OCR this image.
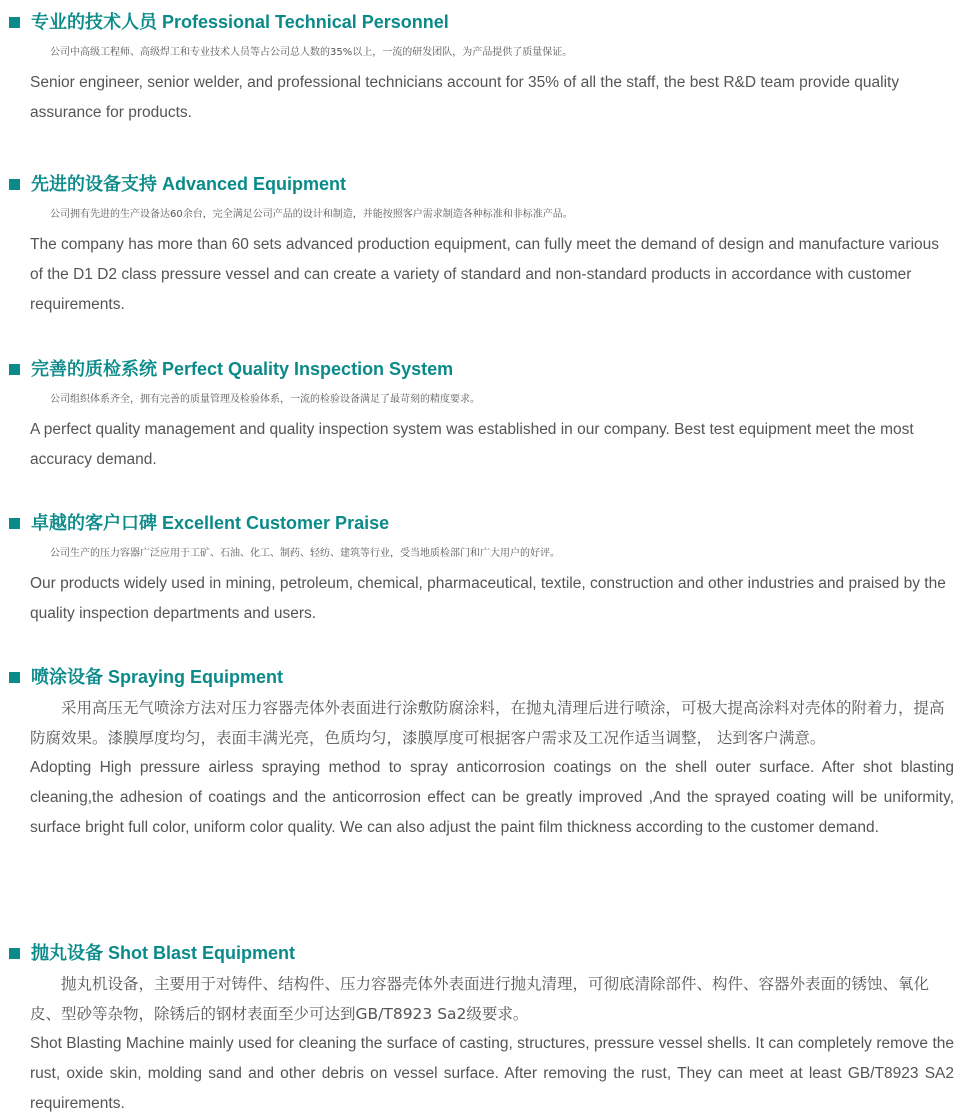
专业的技术人员 Professional Technical Personnel

公司中高级工程师、高级焊工和专业技术人员等占公司总人数的35%以上，一流的研发团队，为产品提供了质量保证。

Senior engineer, senior welder, and professional technicians account for 35% of all the staff, the best R&D team provide quality assurance for products.

先进的设备支持 Advanced Equipment

公司拥有先进的生产设备达60余台，完全满足公司产品的设计和制造，并能按照客户需求制造各种标准和非标准产品。

The company has more than 60 sets advanced production equipment, can fully meet the demand of design and manufacture various of the D1 D2 class pressure vessel and can create a variety of standard and non-standard products in accordance with customer requirements.

完善的质检系统 Perfect Quality Inspection System

公司组织体系齐全，拥有完善的质量管理及检验体系，一流的检验设备满足了最苛刻的精度要求。

A perfect quality management and quality inspection system was established in our company. Best test equipment meet the most accuracy demand.

卓越的客户口碑 Excellent Customer Praise

公司生产的压力容器广泛应用于工矿、石油、化工、制药、轻纺、建筑等行业，受当地质检部门和广大用户的好评。

Our products widely used in mining, petroleum, chemical, pharmaceutical, textile, construction and other industries and praised by the quality inspection departments and users.

喷涂设备 Spraying Equipment

采用高压无气喷涂方法对压力容器壳体外表面进行涂敷防腐涂料，在抛丸清理后进行喷涂，可极大提高涂料对壳体的附着力，提高防腐效果。漆膜厚度均匀，表面丰满光亮，色质均匀，漆膜厚度可根据客户需求及工况作适当调整， 达到客户满意。

Adopting High pressure airless spraying method to spray anticorrosion coatings on the shell outer surface. After shot blasting cleaning,the adhesion of coatings and the anticorrosion effect can be greatly improved ,And the sprayed coating will be uniformity, surface bright full color, uniform color quality. We can also adjust the paint film thickness according to the customer demand.

抛丸设备 Shot Blast Equipment

抛丸机设备，主要用于对铸件、结构件、压力容器壳体外表面进行抛丸清理，可彻底清除部件、构件、容器外表面的锈蚀、氧化皮、型砂等杂物，除锈后的钢材表面至少可达到GB/T8923 Sa2级要求。

Shot Blasting Machine mainly used for cleaning the surface of casting, structures, pressure vessel shells. It can completely remove the rust, oxide skin, molding sand and other debris on vessel surface. After removing the rust, They can meet at least GB/T8923 SA2 requirements.
